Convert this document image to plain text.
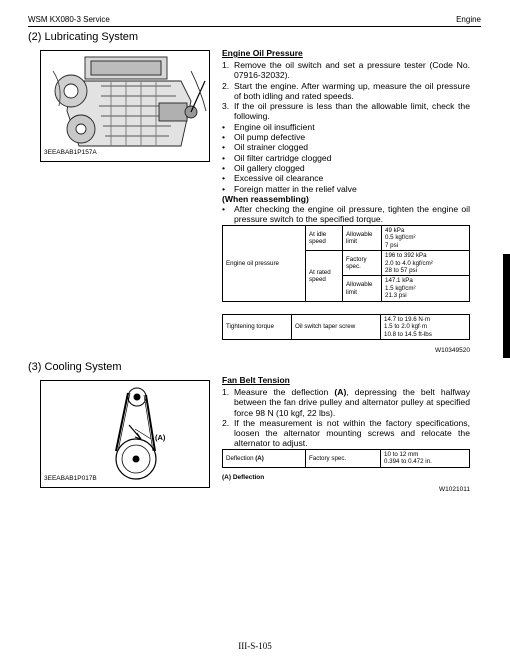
WSM KX080-3 Service	Engine
(2) Lubricating System
3EEABAB1P157A
Engine Oil Pressure
1. Remove the oil switch and set a pressure tester (Code No. 07916-32032).
2. Start the engine. After warming up, measure the oil pressure of both idling and rated speeds.
3. If the oil pressure is less than the allowable limit, check the following.
• Engine oil insufficient
• Oil pump defective
• Oil strainer clogged
• Oil filter cartridge clogged
• Oil gallery clogged
• Excessive oil clearance
• Foreign matter in the relief valve
(When reassembling)
• After checking the engine oil pressure, tighten the engine oil pressure switch to the specified torque.
Engine oil pressure	At idle speed	Allowable limit	49 kPa
0.5 kgf/cm²
7 psi

	At rated speed	Factory spec.	196 to 392 kPa
2.0 to 4.0 kgf/cm²
28 to 57 psi

		Allowable limit	147.1 kPa
1.5 kgf/cm²
21.3 psi
Tightening torque	Oil switch taper screw	
14.7 to 19.6 N·m
1.5 to 2.0 kgf·m
10.8 to 14.5 ft-lbs
W10349520
(3) Cooling System
(A)
3EEABAB1P017B
Fan Belt Tension
1. Measure the deflection (A), depressing the belt halfway between the fan drive pulley and alternator pulley at specified force 98 N (10 kgf, 22 lbs).
2. If the measurement is not within the factory specifications, loosen the alternator mounting screws and relocate the alternator to adjust.
Deflection (A)	Factory spec.	
10 to 12 mm
0.394 to 0.472 in.
(A) Deflection
W1021011
III-S-105
